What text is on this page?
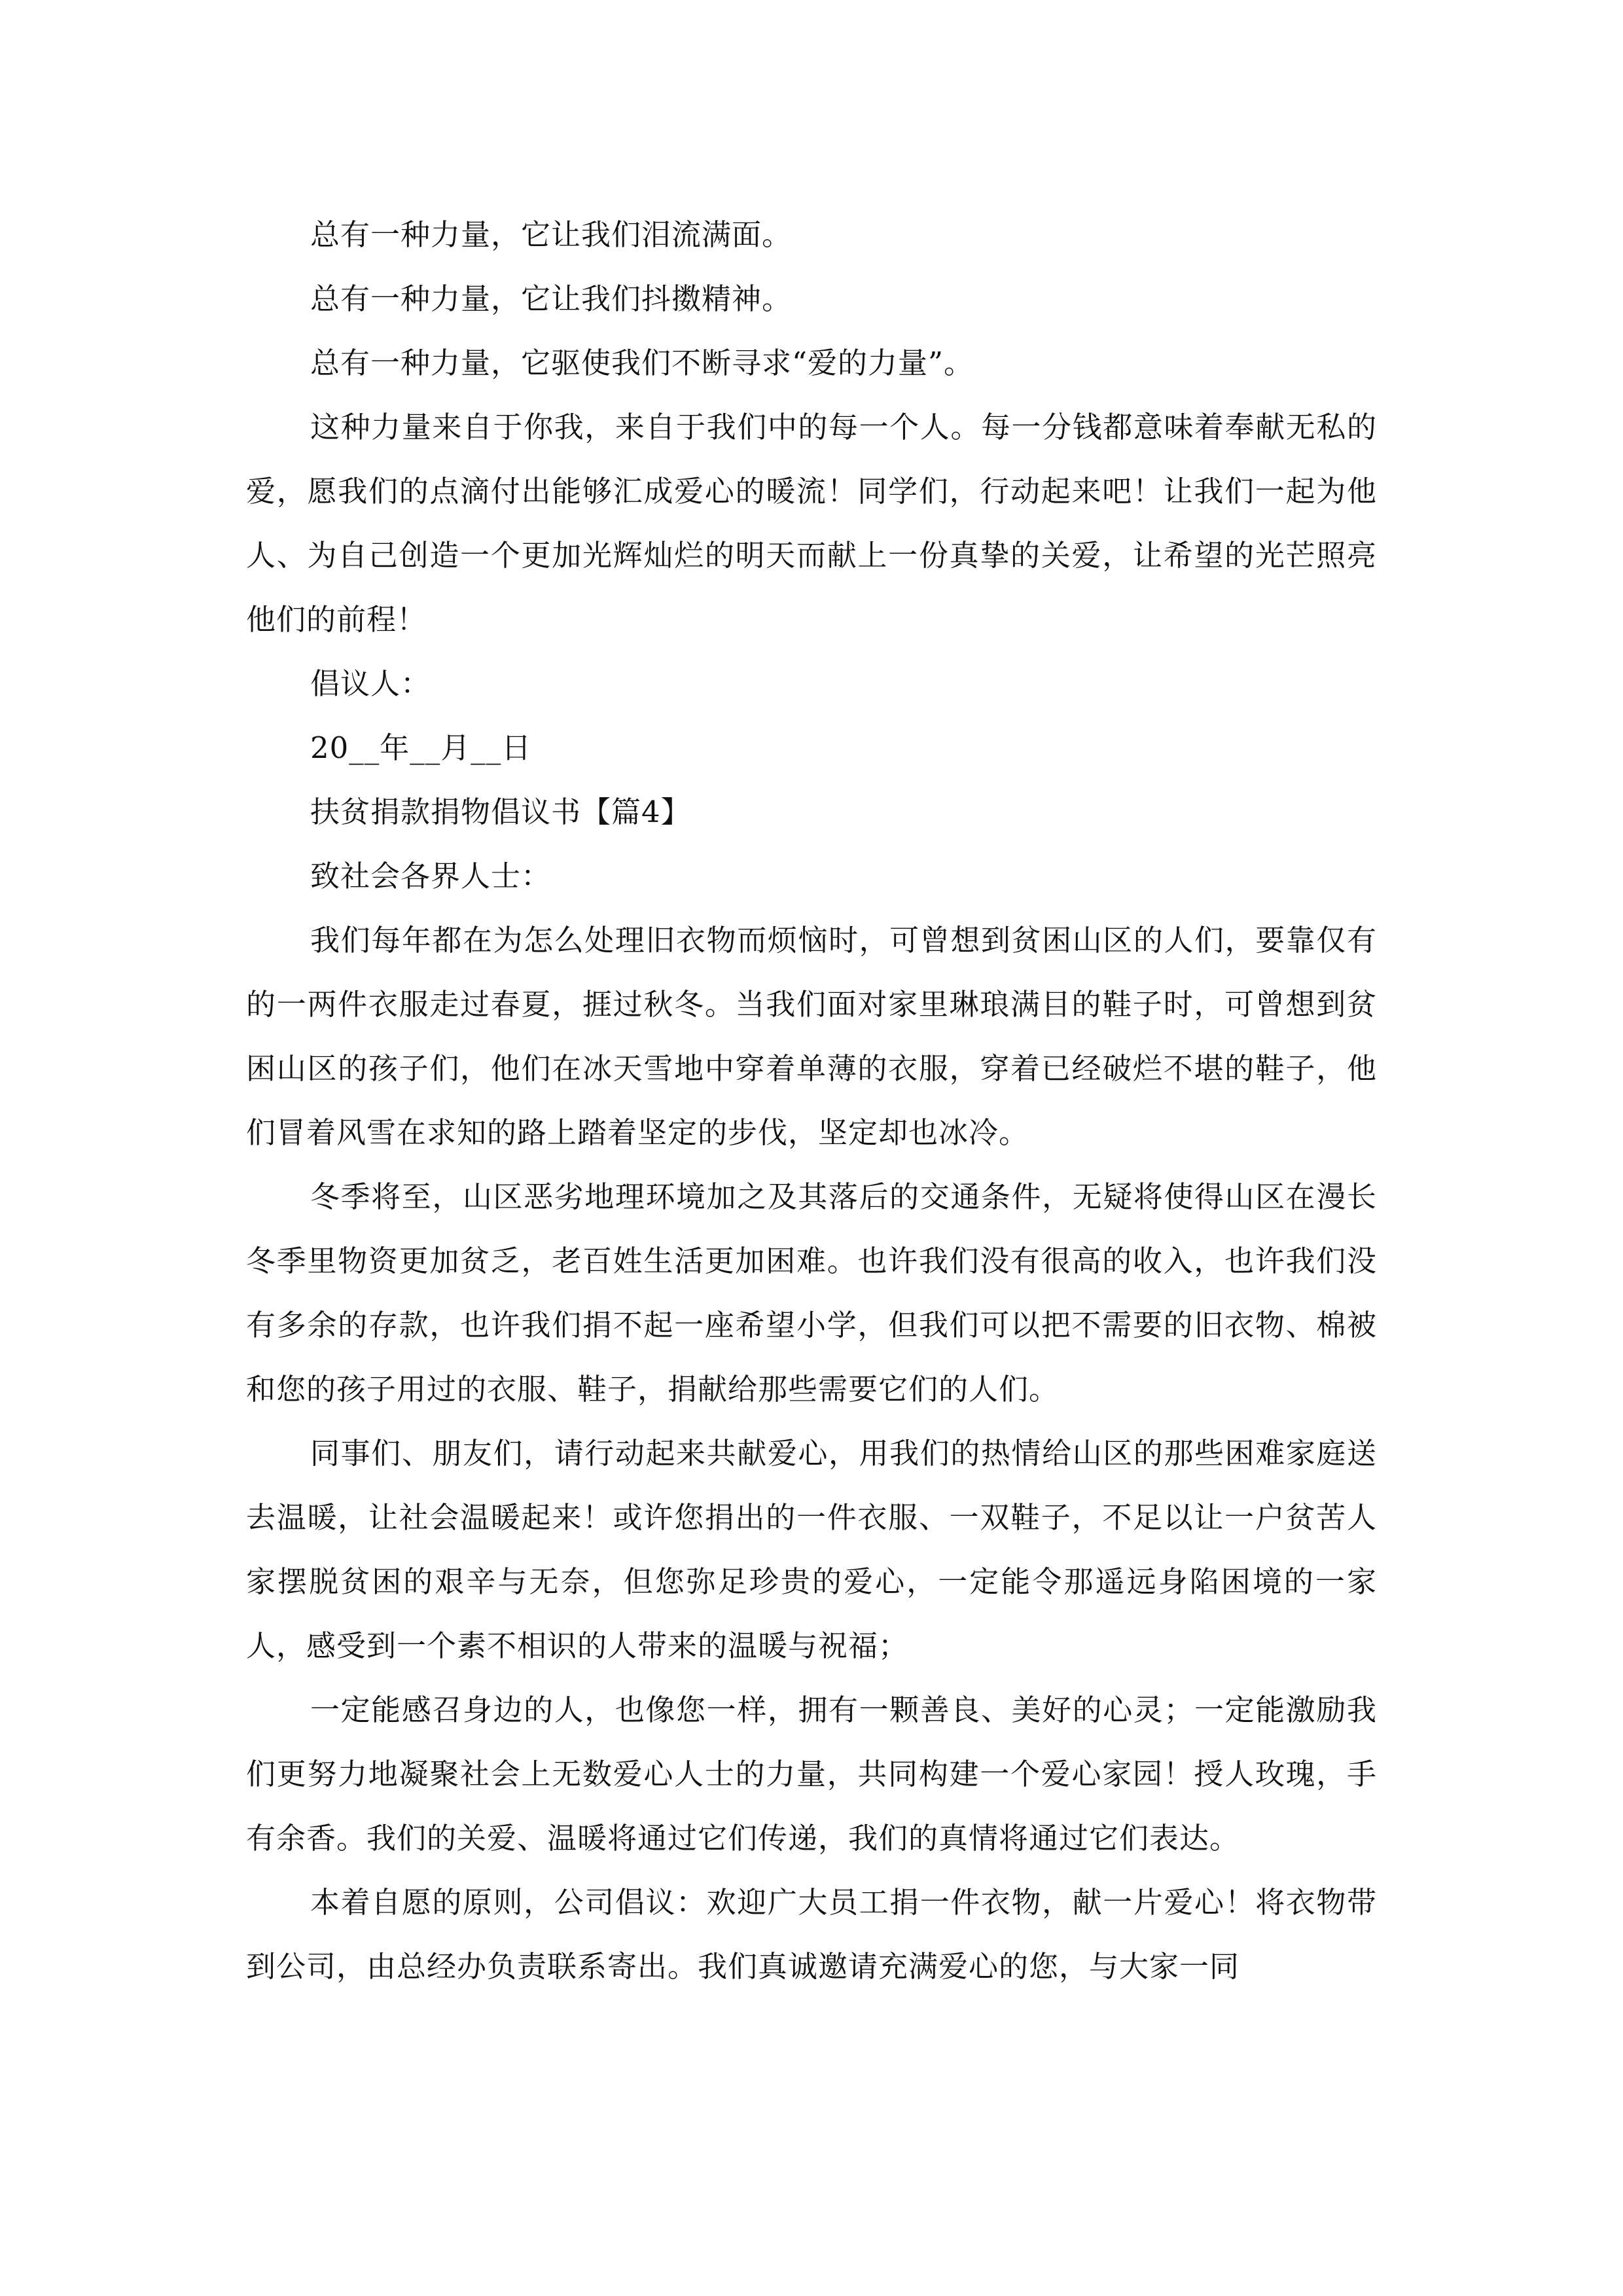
总有一种力量，它让我们泪流满面。

总有一种力量，它让我们抖擞精神。

总有一种力量，它驱使我们不断寻求“爱的力量”。

这种力量来自于你我，来自于我们中的每一个人。每一分钱都意味着奉献无私的爱，愿我们的点滴付出能够汇成爱心的暖流！同学们，行动起来吧！让我们一起为他人、为自己创造一个更加光辉灿烂的明天而献上一份真挚的关爱，让希望的光芒照亮他们的前程！

倡议人：

20__年__月__日

扶贫捐款捐物倡议书【篇4】

致社会各界人士：

我们每年都在为怎么处理旧衣物而烦恼时，可曾想到贫困山区的人们，要靠仅有的一两件衣服走过春夏，捱过秋冬。当我们面对家里琳琅满目的鞋子时，可曾想到贫困山区的孩子们，他们在冰天雪地中穿着单薄的衣服，穿着已经破烂不堪的鞋子，他们冒着风雪在求知的路上踏着坚定的步伐，坚定却也冰冷。

冬季将至，山区恶劣地理环境加之及其落后的交通条件，无疑将使得山区在漫长冬季里物资更加贫乏，老百姓生活更加困难。也许我们没有很高的收入，也许我们没有多余的存款，也许我们捐不起一座希望小学，但我们可以把不需要的旧衣物、棉被和您的孩子用过的衣服、鞋子，捐献给那些需要它们的人们。

同事们、朋友们，请行动起来共献爱心，用我们的热情给山区的那些困难家庭送去温暖，让社会温暖起来！或许您捐出的一件衣服、一双鞋子，不足以让一户贫苦人家摆脱贫困的艰辛与无奈，但您弥足珍贵的爱心，一定能令那遥远身陷困境的一家人，感受到一个素不相识的人带来的温暖与祝福；

一定能感召身边的人，也像您一样，拥有一颗善良、美好的心灵；一定能激励我们更努力地凝聚社会上无数爱心人士的力量，共同构建一个爱心家园！授人玫瑰，手有余香。我们的关爱、温暖将通过它们传递，我们的真情将通过它们表达。

本着自愿的原则，公司倡议：欢迎广大员工捐一件衣物，献一片爱心！将衣物带到公司，由总经办负责联系寄出。我们真诚邀请充满爱心的您，与大家一同
